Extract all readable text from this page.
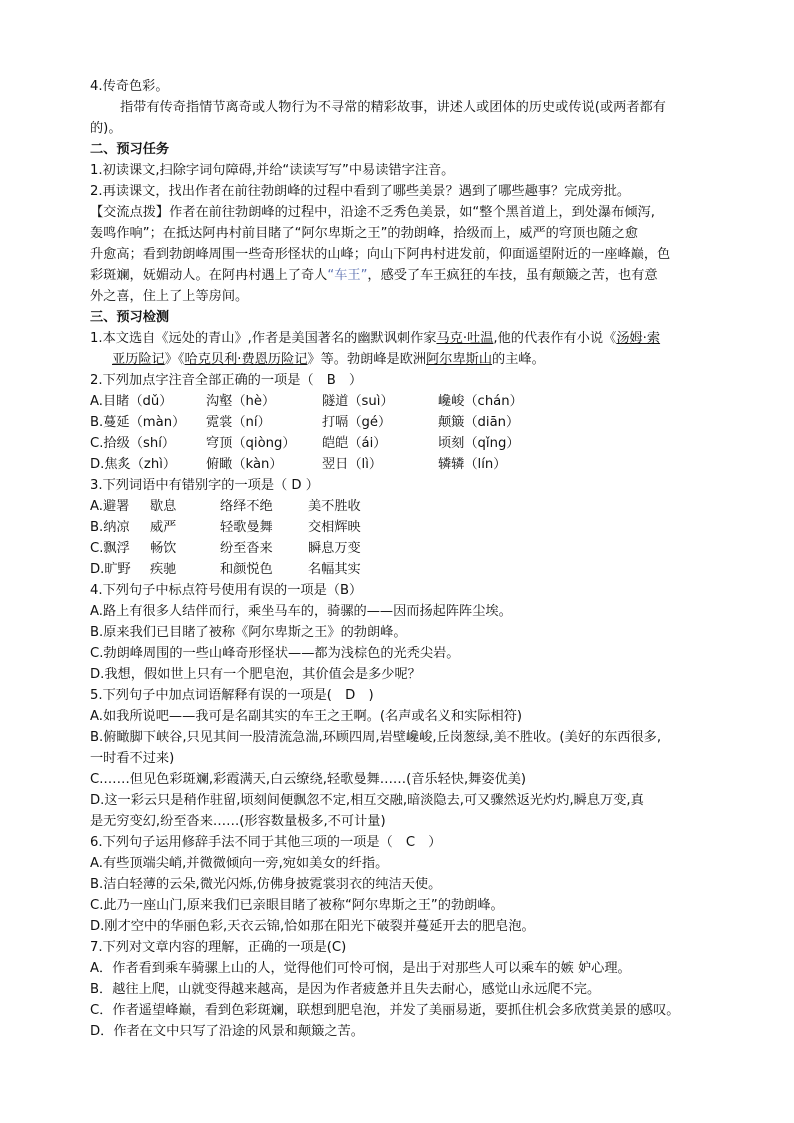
4.传奇色彩。
指带有传奇指情节离奇或人物行为不寻常的精彩故事，讲述人或团体的历史或传说(或两者都有
的)。
二、预习任务
1.初读课文,扫除字词句障碍,并给“读读写写”中易读错字注音。
2.再读课文，找出作者在前往勃朗峰的过程中看到了哪些美景？遇到了哪些趣事？完成旁批。
【交流点拨】作者在前往勃朗峰的过程中，沿途不乏秀色美景，如“整个黑首道上，到处瀑布倾泻,
轰鸣作响”；在抵达阿冉村前目睹了“阿尔卑斯之王”的勃朗峰，拾级而上，威严的穹顶也随之愈
升愈高；看到勃朗峰周围一些奇形怪状的山峰；向山下阿冉村进发前，仰面遥望附近的一座峰巅，色
彩斑斓，妩媚动人。在阿冉村遇上了奇人“车王”，感受了车王疯狂的车技，虽有颠簸之苦，也有意
外之喜，住上了上等房间。
三、预习检测
1.本文选自《远处的青山》,作者是美国著名的幽默讽刺作家马克·吐温,他的代表作有小说《汤姆·索
亚历险记》《哈克贝利·费恩历险记》等。勃朗峰是欧洲阿尔卑斯山的主峰。
2.下列加点字注音全部正确的一项是（　B　）
A.目睹（dǔ）	沟壑（hè）	隧道（suì）	巉峻（chán）
B.蔓延（màn）	霓裳（ní）	打嗝（gé）	颠簸（diān）
C.拾级（shí）	穹顶（qiòng）	皑皑（ái）	顷刻（qǐng）
D.焦炙（zhì）	俯瞰（kàn）	翌日（lì）	辚辚（lín）
3.下列词语中有错别字的一项是（ D ）
A.避署	歇息	络绎不绝	美不胜收
B.纳凉	威严	轻歌曼舞	交相辉映
C.飘浮	畅饮	纷至沓来	瞬息万变
D.旷野	疾驰	和颜悦色	名幅其实
4.下列句子中标点符号使用有误的一项是（B）
A.路上有很多人结伴而行，乘坐马车的，骑骡的——因而扬起阵阵尘埃。
B.原来我们已目睹了被称《阿尔卑斯之王》的勃朗峰。
C.勃朗峰周围的一些山峰奇形怪状——都为浅棕色的光秃尖岩。
D.我想，假如世上只有一个肥皂泡，其价值会是多少呢？
5.下列句子中加点词语解释有误的一项是(　D　)
A.如我所说吧——我可是名副其实的车王之王啊。(名声或名义和实际相符)
B.俯瞰脚下峡谷,只见其间一股清流急湍,环顾四周,岩壁巉峻,丘岗葱绿,美不胜收。(美好的东西很多,
一时看不过来)
C.……但见色彩斑斓,彩霞满天,白云缭绕,轻歌曼舞……(音乐轻快,舞姿优美)
D.这一彩云只是稍作驻留,顷刻间便飘忽不定,相互交融,暗淡隐去,可又骤然返光灼灼,瞬息万变,真
是无穷变幻,纷至沓来……(形容数量极多,不可计量)
6.下列句子运用修辞手法不同于其他三项的一项是（　C　）
A.有些顶端尖峭,并微微倾向一旁,宛如美女的纤指。
B.洁白轻薄的云朵,微光闪烁,仿佛身披霓裳羽衣的纯洁天使。
C.此乃一座山门,原来我们已亲眼目睹了被称“阿尔卑斯之王”的勃朗峰。
D.刚才空中的华丽色彩,天衣云锦,恰如那在阳光下破裂并蔓延开去的肥皂泡。
7.下列对文章内容的理解，正确的一项是(C)
A．作者看到乘车骑骡上山的人，觉得他们可怜可悯，是出于对那些人可以乘车的嫉 妒心理。
B．越往上爬，山就变得越来越高，是因为作者疲惫并且失去耐心，感觉山永远爬不完。
C．作者遥望峰巅，看到色彩斑斓，联想到肥皂泡，并发了美丽易逝，要抓住机会多欣赏美景的感叹。
D．作者在文中只写了沿途的风景和颠簸之苦。
